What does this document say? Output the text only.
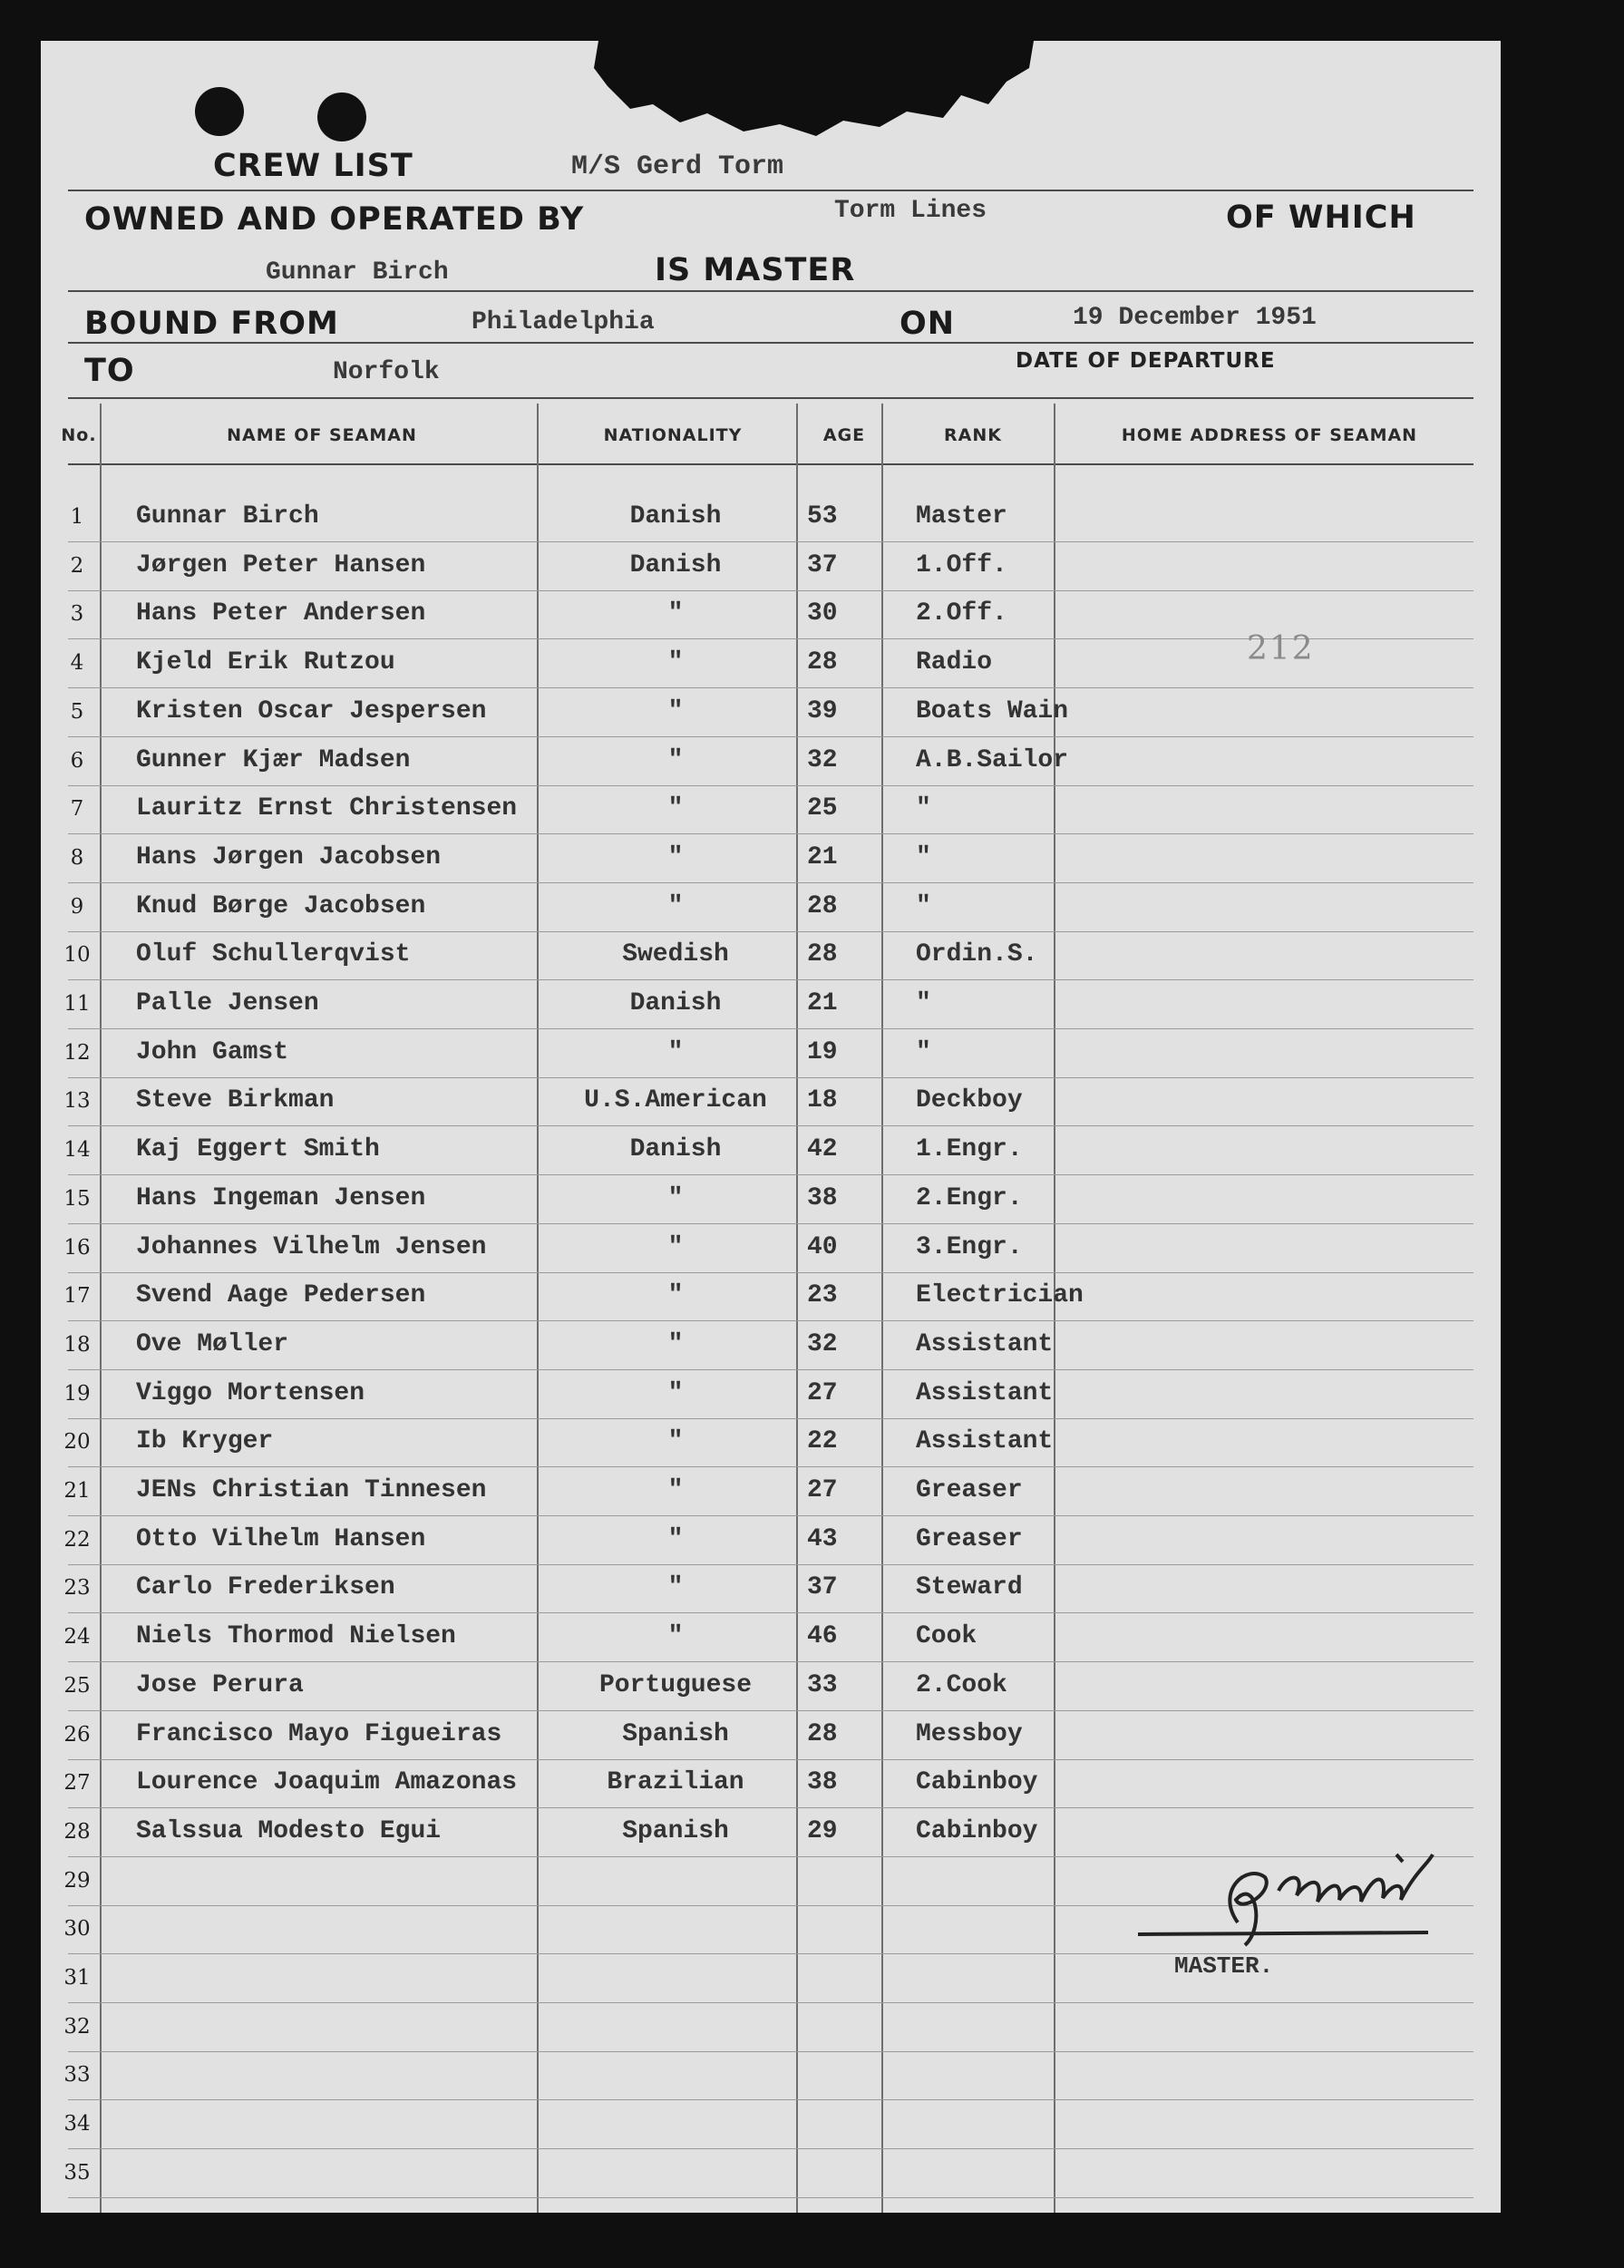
CREW LIST	M/S Gerd Torm
OWNED AND OPERATED BY	Torm Lines	OF WHICH
Gunnar Birch	IS MASTER
BOUND FROM	Philadelphia	ON	19 December 1951
TO	Norfolk	DATE OF DEPARTURE
No.	NAME OF SEAMAN	NATIONALITY	AGE	RANK	HOME ADDRESS OF SEAMAN
1	Gunnar Birch	Danish	53	Master
2	Jørgen Peter Hansen	Danish	37	1.Off.
3	Hans Peter Andersen	"	30	2.Off.
4	Kjeld Erik Rutzou	"	28	Radio
5	Kristen Oscar Jespersen	"	39	Boats Wain
6	Gunner Kjær Madsen	"	32	A.B.Sailor
7	Lauritz Ernst Christensen	"	25	"
8	Hans Jørgen Jacobsen	"	21	"
9	Knud Børge Jacobsen	"	28	"
10	Oluf Schullerqvist	Swedish	28	Ordin.S.
11	Palle Jensen	Danish	21	"
12	John Gamst	"	19	"
13	Steve Birkman	U.S.American	18	Deckboy
14	Kaj Eggert Smith	Danish	42	1.Engr.
15	Hans Ingeman Jensen	"	38	2.Engr.
16	Johannes Vilhelm Jensen	"	40	3.Engr.
17	Svend Aage Pedersen	"	23	Electrician
18	Ove Møller	"	32	Assistant
19	Viggo Mortensen	"	27	Assistant
20	Ib Kryger	"	22	Assistant
21	JENs Christian Tinnesen	"	27	Greaser
22	Otto Vilhelm Hansen	"	43	Greaser
23	Carlo Frederiksen	"	37	Steward
24	Niels Thormod Nielsen	"	46	Cook
25	Jose Perura	Portuguese	33	2.Cook
26	Francisco Mayo Figueiras	Spanish	28	Messboy
27	Lourence Joaquim Amazonas	Brazilian	38	Cabinboy
28	Salssua Modesto Egui	Spanish	29	Cabinboy
29
30
31
32
33
34
35
212
MASTER.
